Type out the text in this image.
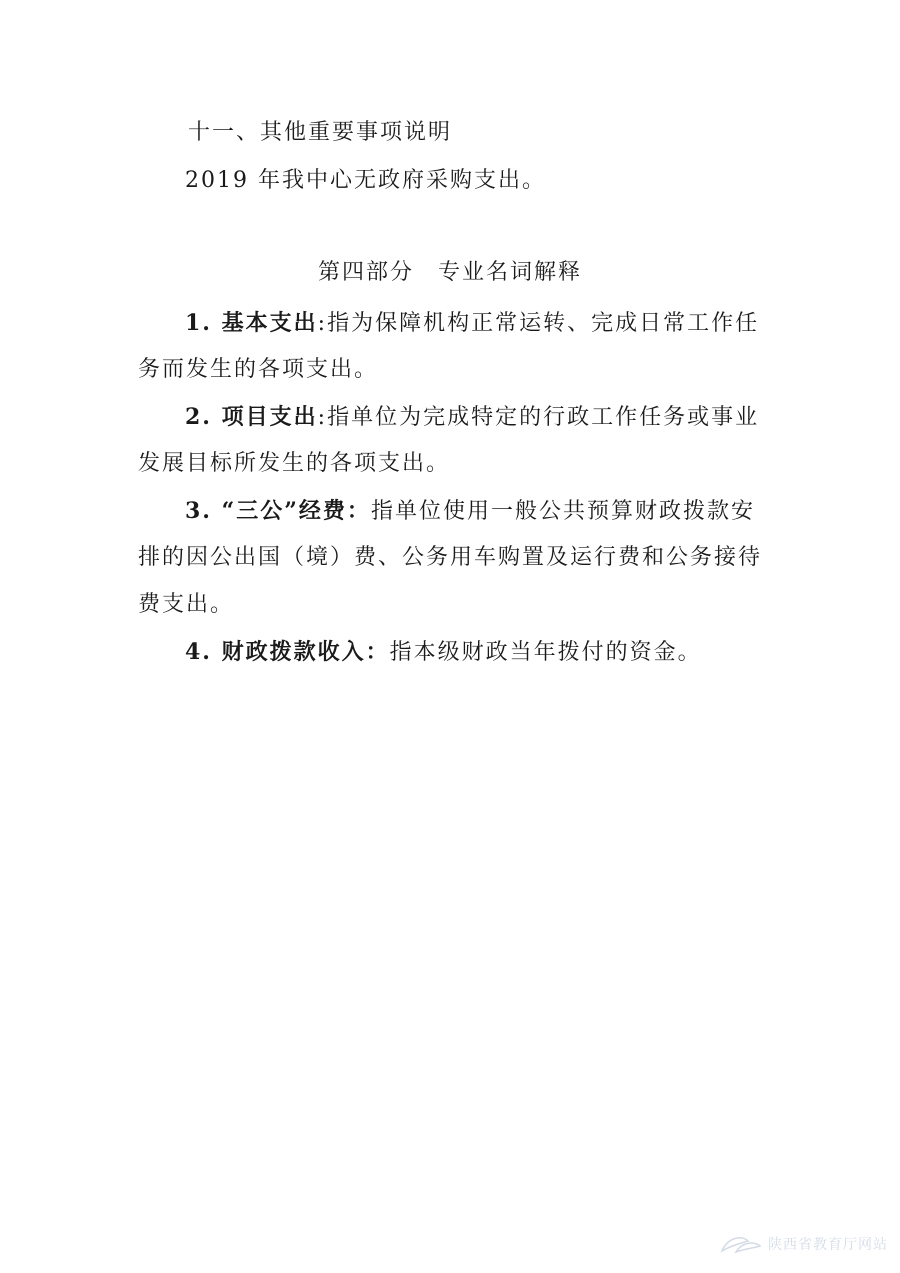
十一、其他重要事项说明
2019 年我中心无政府采购支出。
第四部分　专业名词解释
1. 基本支出:指为保障机构正常运转、完成日常工作任
务而发生的各项支出。
2. 项目支出:指单位为完成特定的行政工作任务或事业
发展目标所发生的各项支出。
3. “三公”经费：指单位使用一般公共预算财政拨款安
排的因公出国（境）费、公务用车购置及运行费和公务接待
费支出。
4. 财政拨款收入：指本级财政当年拨付的资金。
陕西省教育厅网站
